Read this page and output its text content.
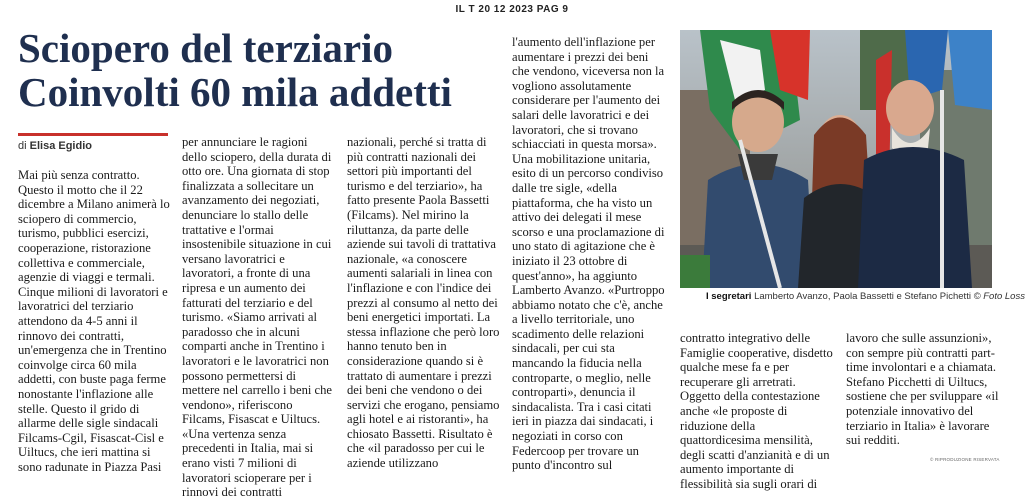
IL T 20 12 2023 PAG 9
Sciopero del terziario
Coinvolti 60 mila addetti
di Elisa Egidio

Mai più senza contratto. Questo il motto che il 22 dicembre a Milano animerà lo sciopero di commercio, turismo, pubblici esercizi, cooperazione, ristorazione collettiva e commerciale, agenzie di viaggi e termali. Cinque milioni di lavoratori e lavoratrici del terziario attendono da 4-5 anni il rinnovo dei contratti, un'emergenza che in Trentino coinvolge circa 60 mila addetti, con buste paga ferme nonostante l'inflazione alle stelle. Questo il grido di allarme delle sigle sindacali Filcams-Cgil, Fisascat-Cisl e Uiltucs, che ieri mattina si sono radunate in Piazza Pasi

per annunciare le ragioni dello sciopero, della durata di otto ore. Una giornata di stop finalizzata a sollecitare un avanzamento dei negoziati, denunciare lo stallo delle trattative e l'ormai insostenibile situazione in cui versano lavoratrici e lavoratori, a fronte di una ripresa e un aumento dei fatturati del terziario e del turismo. «Siamo arrivati al paradosso che in alcuni comparti anche in Trentino i lavoratori e le lavoratrici non possono permettersi di mettere nel carrello i beni che vendono», riferiscono Filcams, Fisascat e Uiltucs. «Una vertenza senza precedenti in Italia, mai si erano visti 7 milioni di lavoratori scioperare per i rinnovi dei contratti

nazionali, perché si tratta di più contratti nazionali dei settori più importanti del turismo e del terziario», ha fatto presente Paola Bassetti (Filcams). Nel mirino la riluttanza, da parte delle aziende sui tavoli di trattativa nazionale, «a conoscere aumenti salariali in linea con l'inflazione e con l'indice dei prezzi al consumo al netto dei beni energetici importati. La stessa inflazione che però loro hanno tenuto ben in considerazione quando si è trattato di aumentare i prezzi dei beni che vendono o dei servizi che erogano, pensiamo agli hotel e ai ristoranti», ha chiosato Bassetti. Risultato è che «il paradosso per cui le aziende utilizzano

l'aumento dell'inflazione per aumentare i prezzi dei beni che vendono, viceversa non la vogliono assolutamente considerare per l'aumento dei salari delle lavoratrici e dei lavoratori, che si trovano schiacciati in questa morsa». Una mobilitazione unitaria, esito di un percorso condiviso dalle tre sigle, «della piattaforma, che ha visto un attivo dei delegati il mese scorso e una proclamazione di uno stato di agitazione che è iniziato il 23 ottobre di quest'anno», ha aggiunto Lamberto Avanzo. «Purtroppo abbiamo notato che c'è, anche a livello territoriale, uno scadimento delle relazioni sindacali, per cui sta mancando la fiducia nella controparte, o meglio, nelle controparti», denuncia il sindacalista. Tra i casi citati ieri in piazza dai sindacati, i negoziati in corso con Federcoop per trovare un punto d'incontro sul

I segretari Lamberto Avanzo, Paola Bassetti e Stefano Pichetti © Foto Loss

contratto integrativo delle Famiglie cooperative, disdetto qualche mese fa e per recuperare gli arretrati. Oggetto della contestazione anche «le proposte di riduzione della quattordicesima mensilità, degli scatti d'anzianità e di un aumento importante di flessibilità sia sugli orari di

lavoro che sulle assunzioni», con sempre più contratti part-time involontari e a chiamata. Stefano Picchetti di Uiltucs, sostiene che per sviluppare «il potenziale innovativo del terziario in Italia» è lavorare sui redditi.

© RIPRODUZIONE RISERVATA
